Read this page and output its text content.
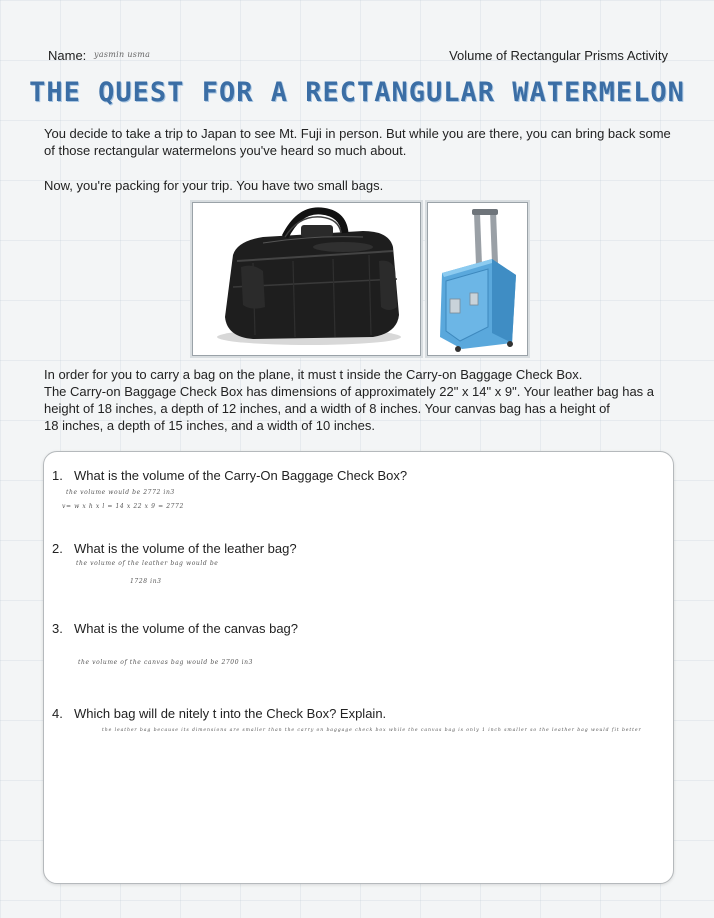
Name: yasmin usma	Volume of Rectangular Prisms Activity
THE QUEST FOR A RECTANGULAR WATERMELON
You decide to take a trip to Japan to see Mt. Fuji in person. But while you are there, you can bring back some of those rectangular watermelons you've heard so much about.
Now, you're packing for your trip. You have two small bags.
In order for you to carry a bag on the plane, it must t inside the Carry-on Baggage Check Box.
The Carry-on Baggage Check Box has dimensions of approximately 22" x 14" x 9". Your leather bag has a
height of 18 inches, a depth of 12 inches, and a width of 8 inches. Your canvas bag has a height of
18 inches, a depth of 15 inches, and a width of 10 inches.
1. What is the volume of the Carry-On Baggage Check Box?
the volume would be 2772 in3
v= w x h x l = 14 x 22 x 9 = 2772
2. What is the volume of the leather bag?
the volume of the leather bag would be
1728 in3
3. What is the volume of the canvas bag?
the volume of the canvas bag would be 2700 in3
4. Which bag will de nitely t into the Check Box? Explain.
the leather bag because its dimensions are smaller than the carry on baggage check box while the canvas bag is only 1 inch smaller so the leather bag would fit better
